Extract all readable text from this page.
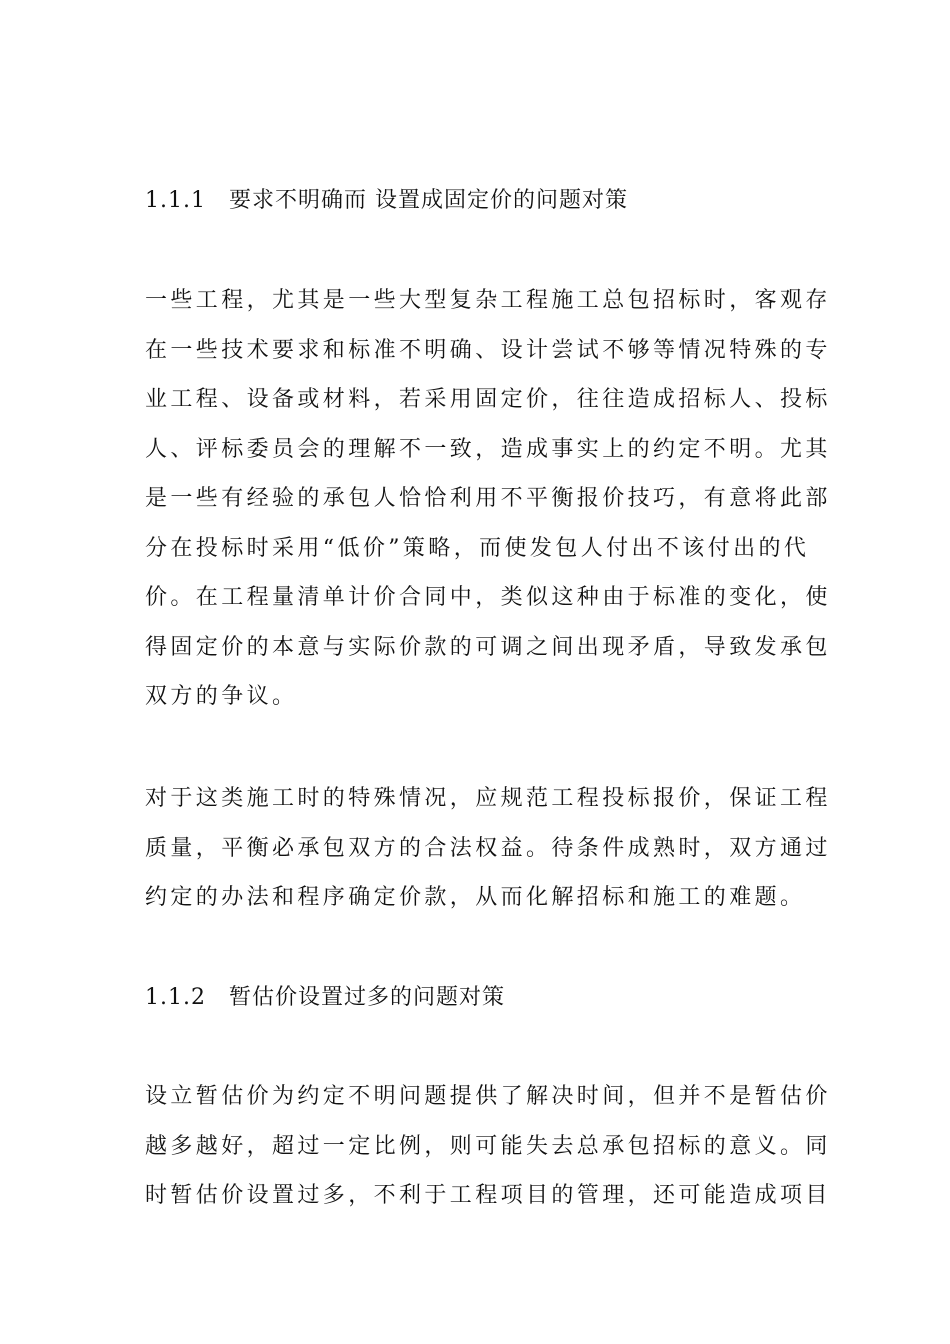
1.1.1　要求不明确而 设置成固定价的问题对策
一些工程，尤其是一些大型复杂工程施工总包招标时，客观存
在一些技术要求和标准不明确、设计尝试不够等情况特殊的专
业工程、设备或材料，若采用固定价，往往造成招标人、投标
人、评标委员会的理解不一致，造成事实上的约定不明。尤其
是一些有经验的承包人恰恰利用不平衡报价技巧，有意将此部
分在投标时采用“低价”策略，而使发包人付出不该付出的代
价。在工程量清单计价合同中，类似这种由于标准的变化，使
得固定价的本意与实际价款的可调之间出现矛盾，导致发承包
双方的争议。
对于这类施工时的特殊情况，应规范工程投标报价，保证工程
质量，平衡必承包双方的合法权益。待条件成熟时，双方通过
约定的办法和程序确定价款，从而化解招标和施工的难题。
1.1.2　暂估价设置过多的问题对策
设立暂估价为约定不明问题提供了解决时间，但并不是暂估价
越多越好，超过一定比例，则可能失去总承包招标的意义。同
时暂估价设置过多，不利于工程项目的管理，还可能造成项目
